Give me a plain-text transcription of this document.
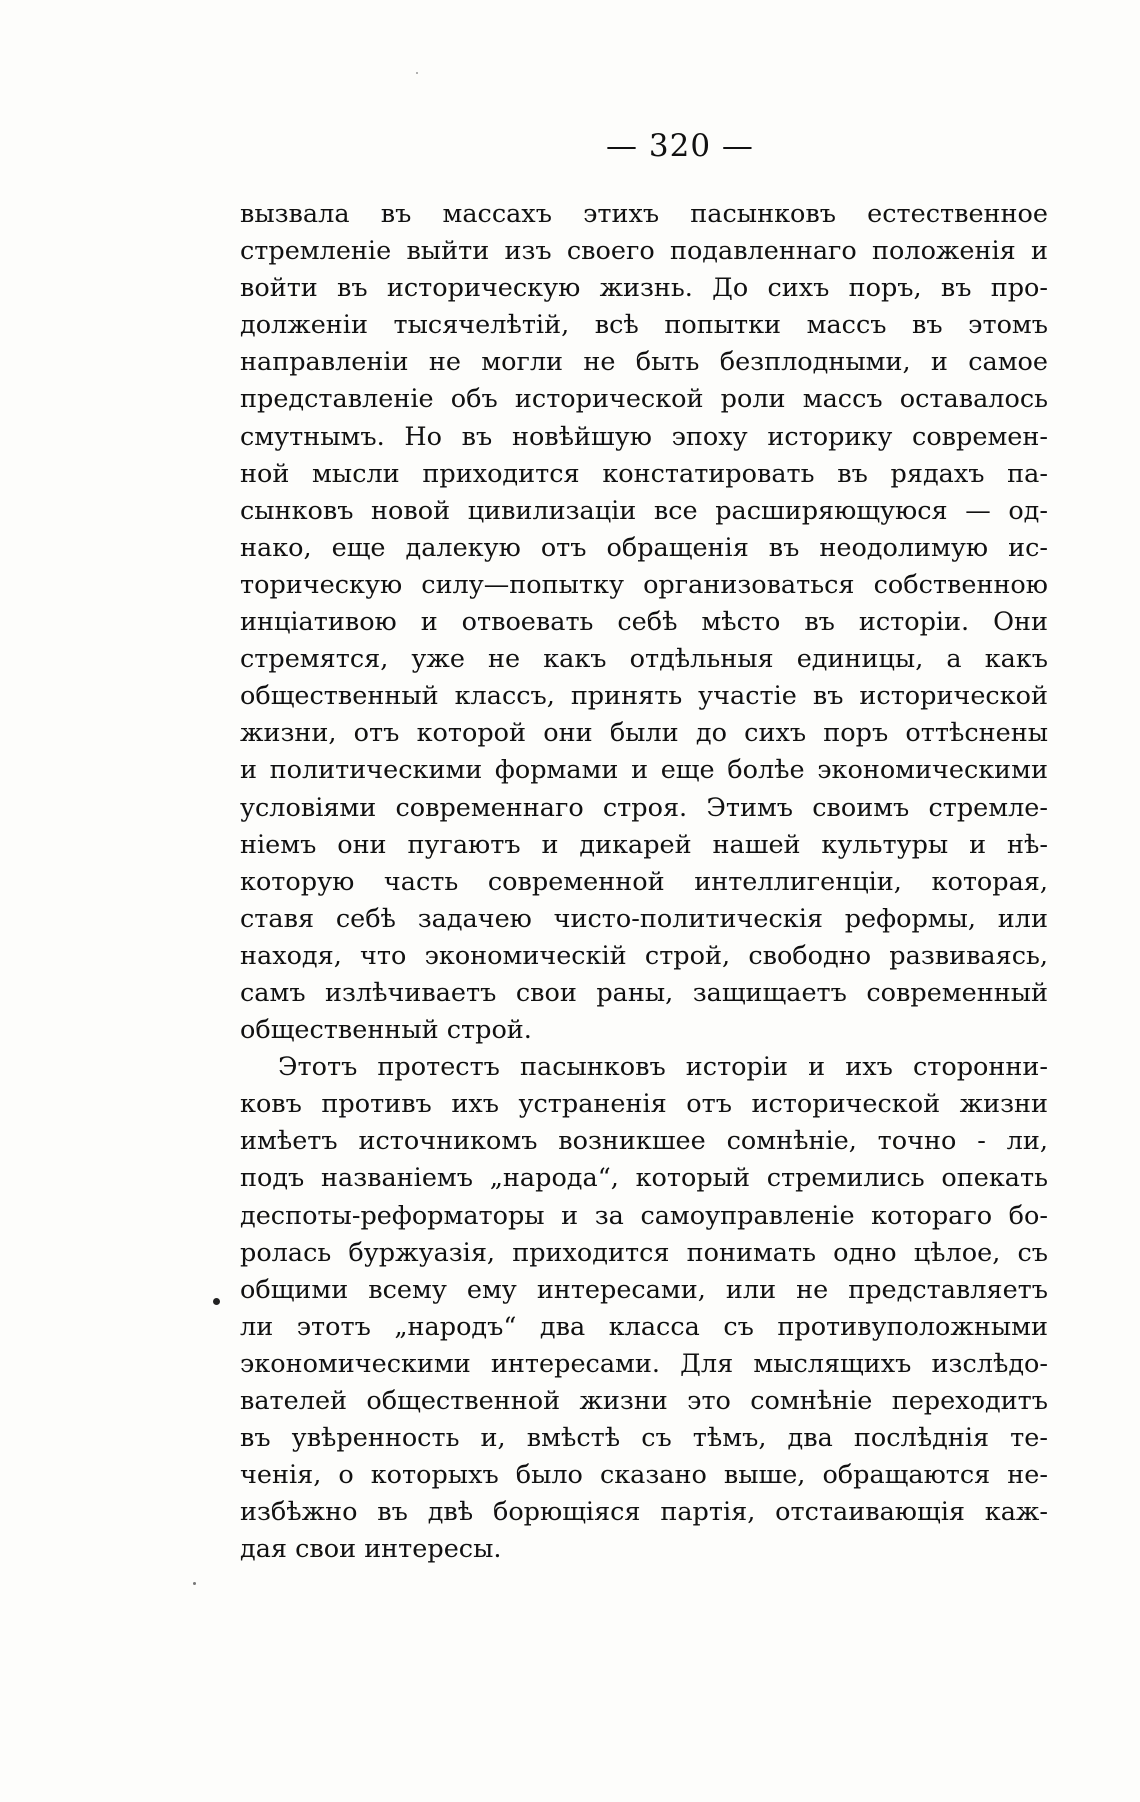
— 320 —
вызвала въ массахъ этихъ пасынковъ естественное
стремленіе выйти изъ своего подавленнаго положенія и
войти въ историческую жизнь. До сихъ поръ, въ про-
долженіи тысячелѣтій, всѣ попытки массъ въ этомъ
направленіи не могли не быть безплодными, и самое
представленіе объ исторической роли массъ оставалось
смутнымъ. Но въ новѣйшую эпоху историку современ-
ной мысли приходится констатировать въ рядахъ па-
сынковъ новой цивилизаціи все расширяющуюся — од-
нако, еще далекую отъ обращенія въ неодолимую ис-
торическую силу—попытку организоваться собственною
инціативою и отвоевать себѣ мѣсто въ исторіи. Они
стремятся, уже не какъ отдѣльныя единицы, а какъ
общественный классъ, принять участіе въ исторической
жизни, отъ которой они были до сихъ поръ оттѣснены
и политическими формами и еще болѣе экономическими
условіями современнаго строя. Этимъ своимъ стремле-
ніемъ они пугаютъ и дикарей нашей культуры и нѣ-
которую часть современной интеллигенціи, которая,
ставя себѣ задачею чисто-политическія реформы, или
находя, что экономическій строй, свободно развиваясь,
самъ излѣчиваетъ свои раны, защищаетъ современный
общественный строй.
Этотъ протестъ пасынковъ исторіи и ихъ сторонни-
ковъ противъ ихъ устраненія отъ исторической жизни
имѣетъ источникомъ возникшее сомнѣніе, точно - ли,
подъ названіемъ „народа“, который стремились опекать
деспоты-реформаторы и за самоуправленіе котораго бо-
ролась буржуазія, приходится понимать одно цѣлое, съ
общими всему ему интересами, или не представляетъ
ли этотъ „народъ“ два класса съ противуположными
экономическими интересами. Для мыслящихъ изслѣдо-
вателей общественной жизни это сомнѣніе переходитъ
въ увѣренность и, вмѣстѣ съ тѣмъ, два послѣднія те-
ченія, о которыхъ было сказано выше, обращаются не-
избѣжно въ двѣ борющіяся партія, отстаивающія каж-
дая свои интересы.
